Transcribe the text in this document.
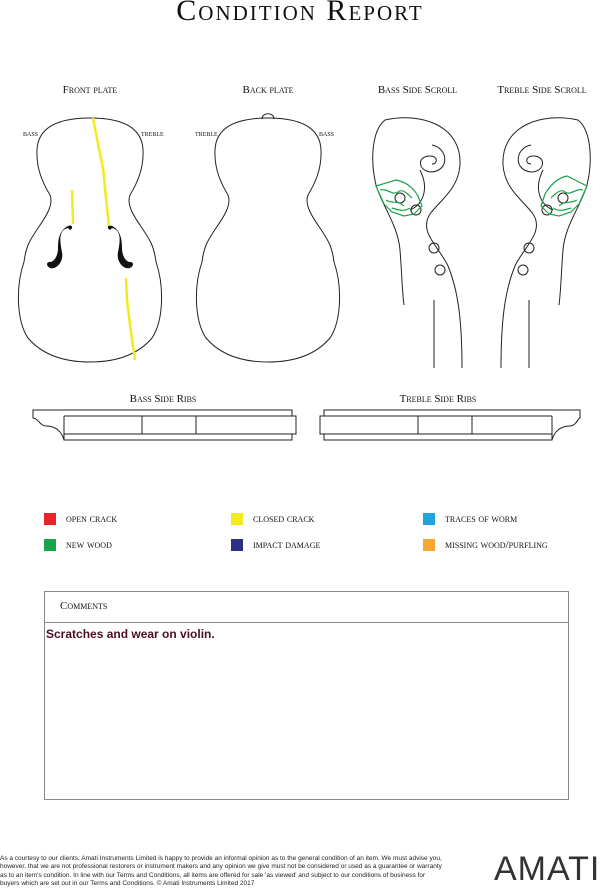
Condition Report
Front plate	Back plate	Bass Side Scroll	Treble Side Scroll
bass	treble	treble	bass
Bass Side Ribs	Treble Side Ribs
open crack	closed crack	traces of worm
new wood	impact damage	missing wood/purfling
Comments
Scratches and wear on violin.
As a courtesy to our clients, Amati Instruments Limited is happy to provide an informal opinion as to the general condition of an item. We must advise you, however, that we are not professional restorers or instrument makers and any opinion we give must not be considered or used as a guarantee or warranty as to an item's condition. In line with our Terms and Conditions, all items are offered for sale 'as viewed' and subject to our conditions of business for buyers which are set out in our Terms and Conditions. © Amati Instruments Limited 2017	AMATI
